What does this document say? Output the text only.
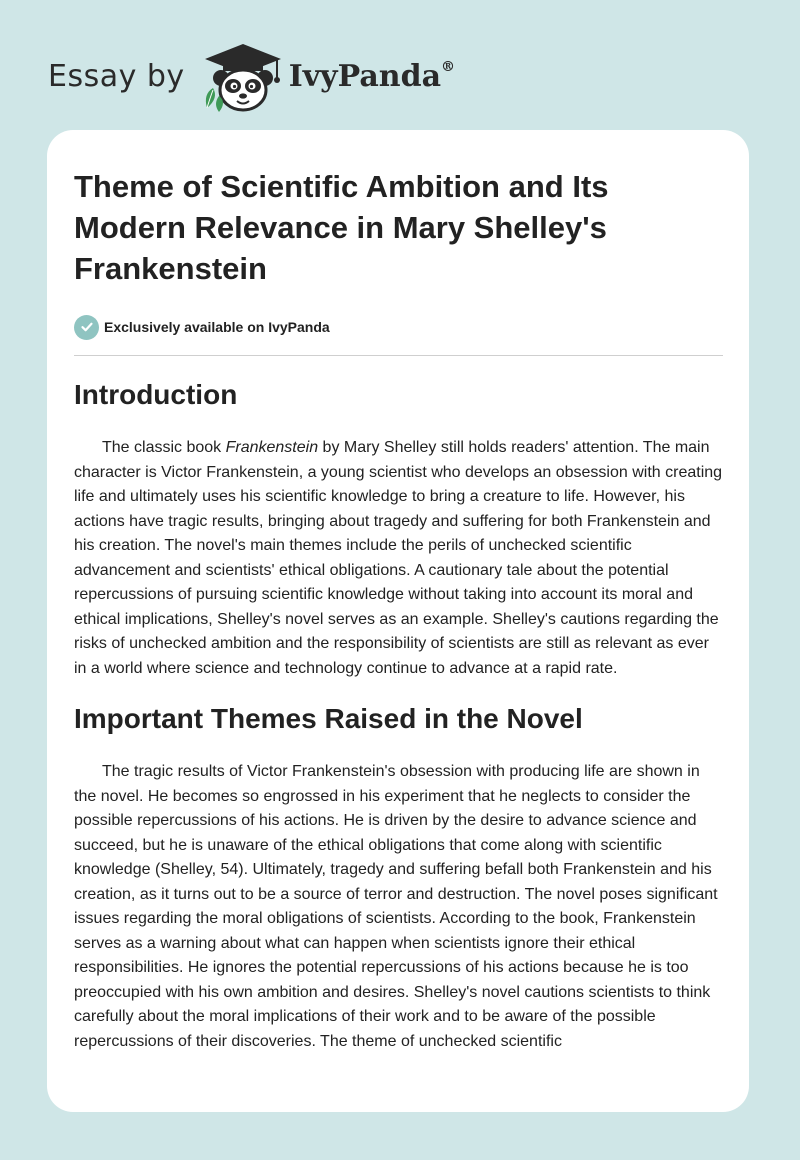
Essay by	IvyPanda®
Theme of Scientific Ambition and Its Modern Relevance in Mary Shelley's Frankenstein
Exclusively available on IvyPanda
Introduction

The classic book Frankenstein by Mary Shelley still holds readers' attention. The main character is Victor Frankenstein, a young scientist who develops an obsession with creating life and ultimately uses his scientific knowledge to bring a creature to life. However, his actions have tragic results, bringing about tragedy and suffering for both Frankenstein and his creation. The novel's main themes include the perils of unchecked scientific advancement and scientists' ethical obligations. A cautionary tale about the potential repercussions of pursuing scientific knowledge without taking into account its moral and ethical implications, Shelley's novel serves as an example. Shelley's cautions regarding the risks of unchecked ambition and the responsibility of scientists are still as relevant as ever in a world where science and technology continue to advance at a rapid rate.

Important Themes Raised in the Novel

The tragic results of Victor Frankenstein's obsession with producing life are shown in the novel. He becomes so engrossed in his experiment that he neglects to consider the possible repercussions of his actions. He is driven by the desire to advance science and succeed, but he is unaware of the ethical obligations that come along with scientific knowledge (Shelley, 54). Ultimately, tragedy and suffering befall both Frankenstein and his creation, as it turns out to be a source of terror and destruction. The novel poses significant issues regarding the moral obligations of scientists. According to the book, Frankenstein serves as a warning about what can happen when scientists ignore their ethical responsibilities. He ignores the potential repercussions of his actions because he is too preoccupied with his own ambition and desires. Shelley's novel cautions scientists to think carefully about the moral implications of their work and to be aware of the possible repercussions of their discoveries. The theme of unchecked scientific
